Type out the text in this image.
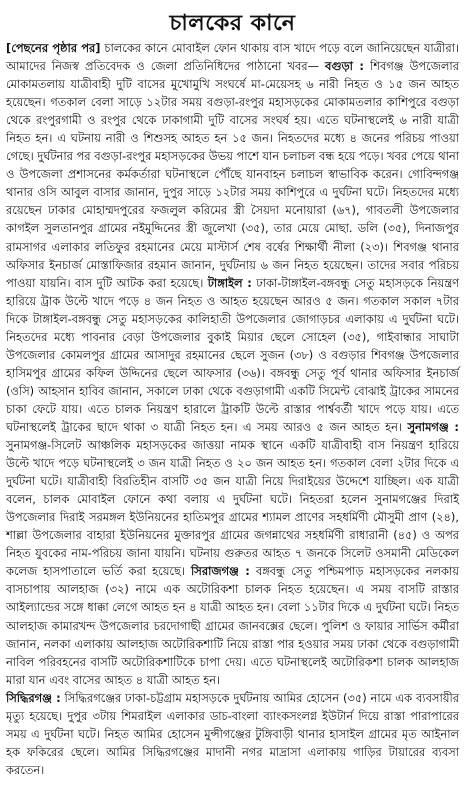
চালকের কানে

[পেছনের পৃষ্ঠার পর] চালকের কানে মোবাইল ফোন থাকায় বাস খাদে পড়ে বলে জানিয়েছেন যাত্রীরা। আমাদের নিজস্ব প্রতিবেদক ও জেলা প্রতিনিধিদের পাঠানো খবর— বগুড়া : শিবগঞ্জ উপজেলার মোকামতলায় যাত্রীবাহী দুটি বাসের মুখোমুখি সংঘর্ষে মা-মেয়েসহ ৬ নারী নিহত ও ১৫ জন আহত হয়েছেন। গতকাল বেলা সাড়ে ১২টার সময় বগুড়া-রংপুর মহাসড়কের মোকামতলার কাশিপুরে বগুড়া থেকে রংপুরগামী ও রংপুর থেকে ঢাকাগামী দুটি বাসের সংঘর্ষ হয়। এতে ঘটনাস্থলেই ৬ নারী যাত্রী নিহত হন। এ ঘটনায় নারী ও শিশুসহ আহত হন ১৫ জন। নিহতদের মধ্যে ৪ জনের পরিচয় পাওয়া গেছে। দুর্ঘটনার পর বগুড়া-রংপুর মহাসড়কের উভয় পাশে যান চলাচল বন্ধ হয়ে পড়ে। খবর পেয়ে থানা ও উপজেলা প্রশাসনের কর্মকর্তারা ঘটনাস্থলে পৌঁছে যানবাহন চলাচল স্বাভাবিক করেন। গোবিন্দগঞ্জ থানার ওসি আবুল বাসার জানান, দুপুর সাড়ে ১২টার সময় কাশিপুরে এ দুর্ঘটনা ঘটে। নিহতদের মধ্যে রয়েছেন ঢাকার মোহাম্মদপুরের ফজলুল করিমের স্ত্রী সৈয়দা মনোয়ারা (৬৭), গাবতলী উপজেলার কাগইল সুলতানপুর গ্রামের নইমুদ্দিনের স্ত্রী জুলেখা (৩৫), তার মেয়ে মোছা. ডলি (৩৫), দিনাজপুর রামসাগর এলাকার লতিফুর রহমানের মেয়ে মাস্টার্স শেষ বর্ষের শিক্ষার্থী নীলা (২৩)। শিবগঞ্জ থানার অফিসার ইনচার্জ মোস্তাফিজার রহমান জানান, দুর্ঘটনায় ৬ জন নিহত হয়েছেন। তাদের সবার পরিচয় পাওয়া যায়নি। বাস দুটি আটক করা হয়েছে। টাঙ্গাইল : ঢাকা-টাঙ্গাইল-বঙ্গবন্ধু সেতু মহাসড়কে নিয়ন্ত্রণ হারিয়ে ট্রাক উল্টে খাদে পড়ে ৪ জন নিহত ও আহত হয়েছেন আরও ৫ জন। গতকাল সকাল ৭টার দিকে টাঙ্গাইল-বঙ্গবন্ধু সেতু মহাসড়কের কালিহাতী উপজেলার জোগাড়চর এলাকায় এ দুর্ঘটনা ঘটে। নিহতদের মধ্যে পাবনার বেড়া উপজেলার বুকাই মিয়ার ছেলে সোহেল (৩৫), গাইবান্ধার সাঘাটা উপজেলার কোমলপুর গ্রামের আসাদুর রহমানের ছেলে সুজন (৩৮) ও বগুড়ার শিবগঞ্জ উপজেলার হাসিমপুর গ্রামের কফিল উদ্দিনের ছেলে আফসার (৩৬)। বঙ্গবন্ধু সেতু পূর্ব থানার অফিসার ইনচার্জ (ওসি) আহসান হাবিব জানান, সকালে ঢাকা থেকে বগুড়াগামী একটি সিমেন্ট বোঝাই ট্রাকের সামনের চাকা ফেটে যায়। এতে চালক নিয়ন্ত্রণ হারালে ট্রাকটি উল্টে রাস্তার পার্শ্ববর্তী খাদে পড়ে যায়। এতে ঘটনাস্থলেই ট্রাকের ছাদে থাকা ৩ যাত্রী নিহত হন। এ সময় আরও ৫ জন আহত হন। সুনামগঞ্জ : সুনামগঞ্জ-সিলেট আঞ্চলিক মহাসড়কের জাত্তয়া নামক স্থানে একটি যাত্রীবাহী বাস নিয়ন্ত্রণ হারিয়ে উল্টে খাদে পড়ে ঘটনাস্থলেই ৩ জন যাত্রী নিহত ও ২০ জন আহত হন। গতকাল বেলা ২টার দিকে এ দুর্ঘটনা ঘটে। যাত্রীবাহী বিরতিহীন বাসটি ৩৫ জন যাত্রী নিয়ে দিরাইয়ের উদ্দেশে যাচ্ছিল। এক যাত্রী বলেন, চালক মোবাইল ফোনে কথা বলায় এ দুর্ঘটনা ঘটে। নিহতরা হলেন সুনামগঞ্জের দিরাই উপজেলার দিরাই সরমঙ্গল ইউনিয়নের হাতিমপুর গ্রামের শ্যামল প্রাণের সহধর্মিণী মৌসুমী প্রাণ (২৪), শাল্লা উপজেলার বাহারা ইউনিয়নের মুক্তারপুর গ্রামের জগন্নাথের সহধর্মিণী রাধারানী (৪৫) ও অপর নিহত যুবকের নাম-পরিচয় জানা যায়নি। ঘটনায় গুরুতর আহত ৭ জনকে সিলেট ওসমানী মেডিকেল কলেজ হাসপাতালে ভর্তি করা হয়েছে। সিরাজগঞ্জ : বঙ্গবন্ধু সেতু পশ্চিমপাড় মহাসড়কের নলকায় বাসচাপায় আলহাজ (৩২) নামে এক অটোরিকশা চালক নিহত হয়েছেন। এ সময় বাসটি রাস্তার আইল্যান্ডের সঙ্গে ধাক্কা লেগে আহত হন ৪ যাত্রী আহত হন। বেলা ১১টার দিকে এ দুর্ঘটনা ঘটে। নিহত আলহাজ কামারখন্দ উপজেলার চরদোগাছী গ্রামের জানবক্সের ছেলে। পুলিশ ও ফায়ার সার্ভিস কর্মীরা জানান, নলকা এলাকায় আলহাজ অটোরিকশাটি নিয়ে রাস্তা পার হওয়ার সময় ঢাকা থেকে বগুড়াগামী নাবিল পরিবহনের বাসটি অটোরিকশাটিকে চাপা দেয়। এতে ঘটনাস্থলেই অটোরিকশা চালক আলহাজ মারা যান এবং বাসের আহত ৪ যাত্রী আহত হন।

সিদ্ধিরগঞ্জ : সিদ্ধিরগঞ্জের ঢাকা-চট্টগ্রাম মহাসড়কে দুর্ঘটনায় আমির হোসেন (৩৫) নামে এক ব্যবসায়ীর মৃত্যু হয়েছে। দুপুর ৩টায় শিমরাইল এলাকার ডাচ-বাংলা ব্যাংকসংলগ্ন ইউটার্ন দিয়ে রাস্তা পারাপারের সময় এ দুর্ঘটনা ঘটে। নিহত আমির হোসেন মুন্সীগঞ্জের টুঙ্গিবাড়ী থানার হাসাইল গ্রামের মৃত আইনাল হক ফকিরের ছেলে। আমির সিদ্ধিরগঞ্জের মাদানী নগর মাদ্রাসা এলাকায় গাড়ির টায়ারের ব্যবসা করতেন।
